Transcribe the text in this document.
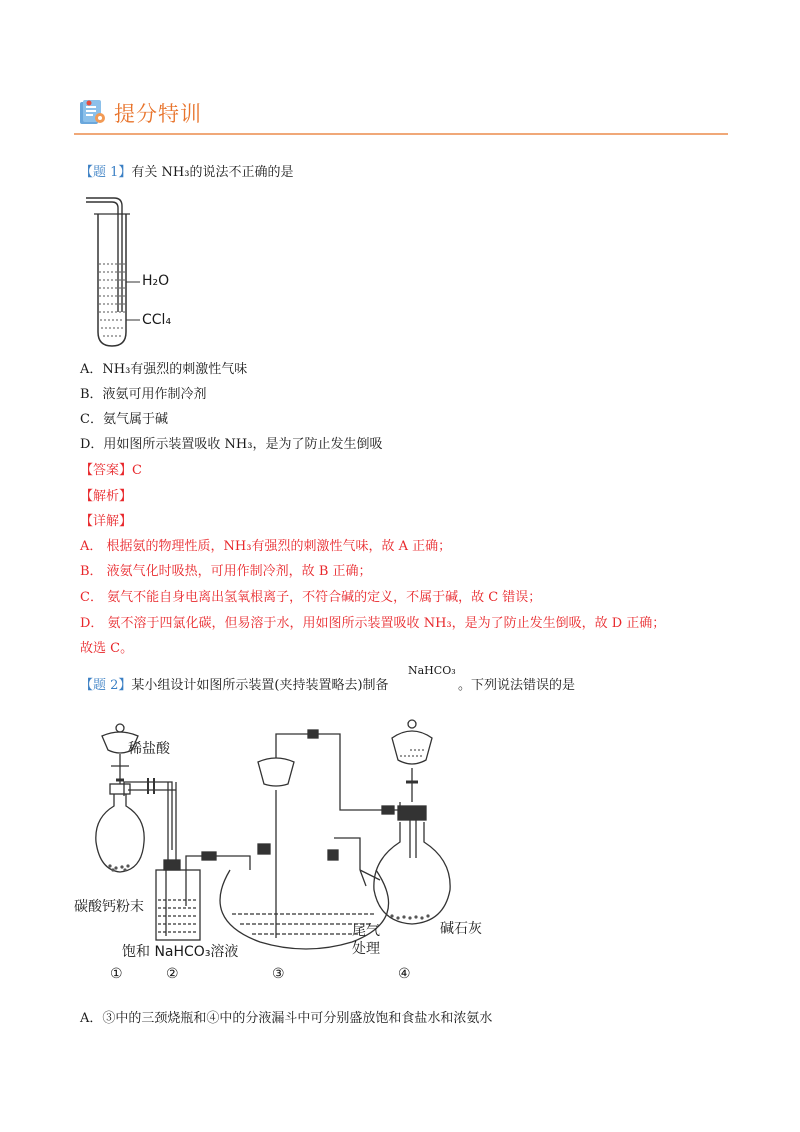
提分特训
【题 1】有关 NH₃的说法不正确的是
H₂O
CCl₄
A．NH₃有强烈的刺激性气味
B．液氨可用作制冷剂
C．氨气属于碱
D．用如图所示装置吸收 NH₃，是为了防止发生倒吸
【答案】C
【解析】
【详解】
A． 根据氨的物理性质，NH₃有强烈的刺激性气味，故 A 正确；
B． 液氨气化时吸热，可用作制冷剂，故 B 正确；
C． 氨气不能自身电离出氢氧根离子，不符合碱的定义，不属于碱，故 C 错误；
D． 氨不溶于四氯化碳，但易溶于水，用如图所示装置吸收 NH₃，是为了防止发生倒吸，故 D 正确；
故选 C。
【题 2】某小组设计如图所示装置(夹持装置略去)制备
NaHCO₃
。下列说法错误的是
稀盐酸
碳酸钙粉末
饱和 NaHCO₃溶液
尾气
处理
碱石灰
①	②	③	④
A．③中的三颈烧瓶和④中的分液漏斗中可分别盛放饱和食盐水和浓氨水
